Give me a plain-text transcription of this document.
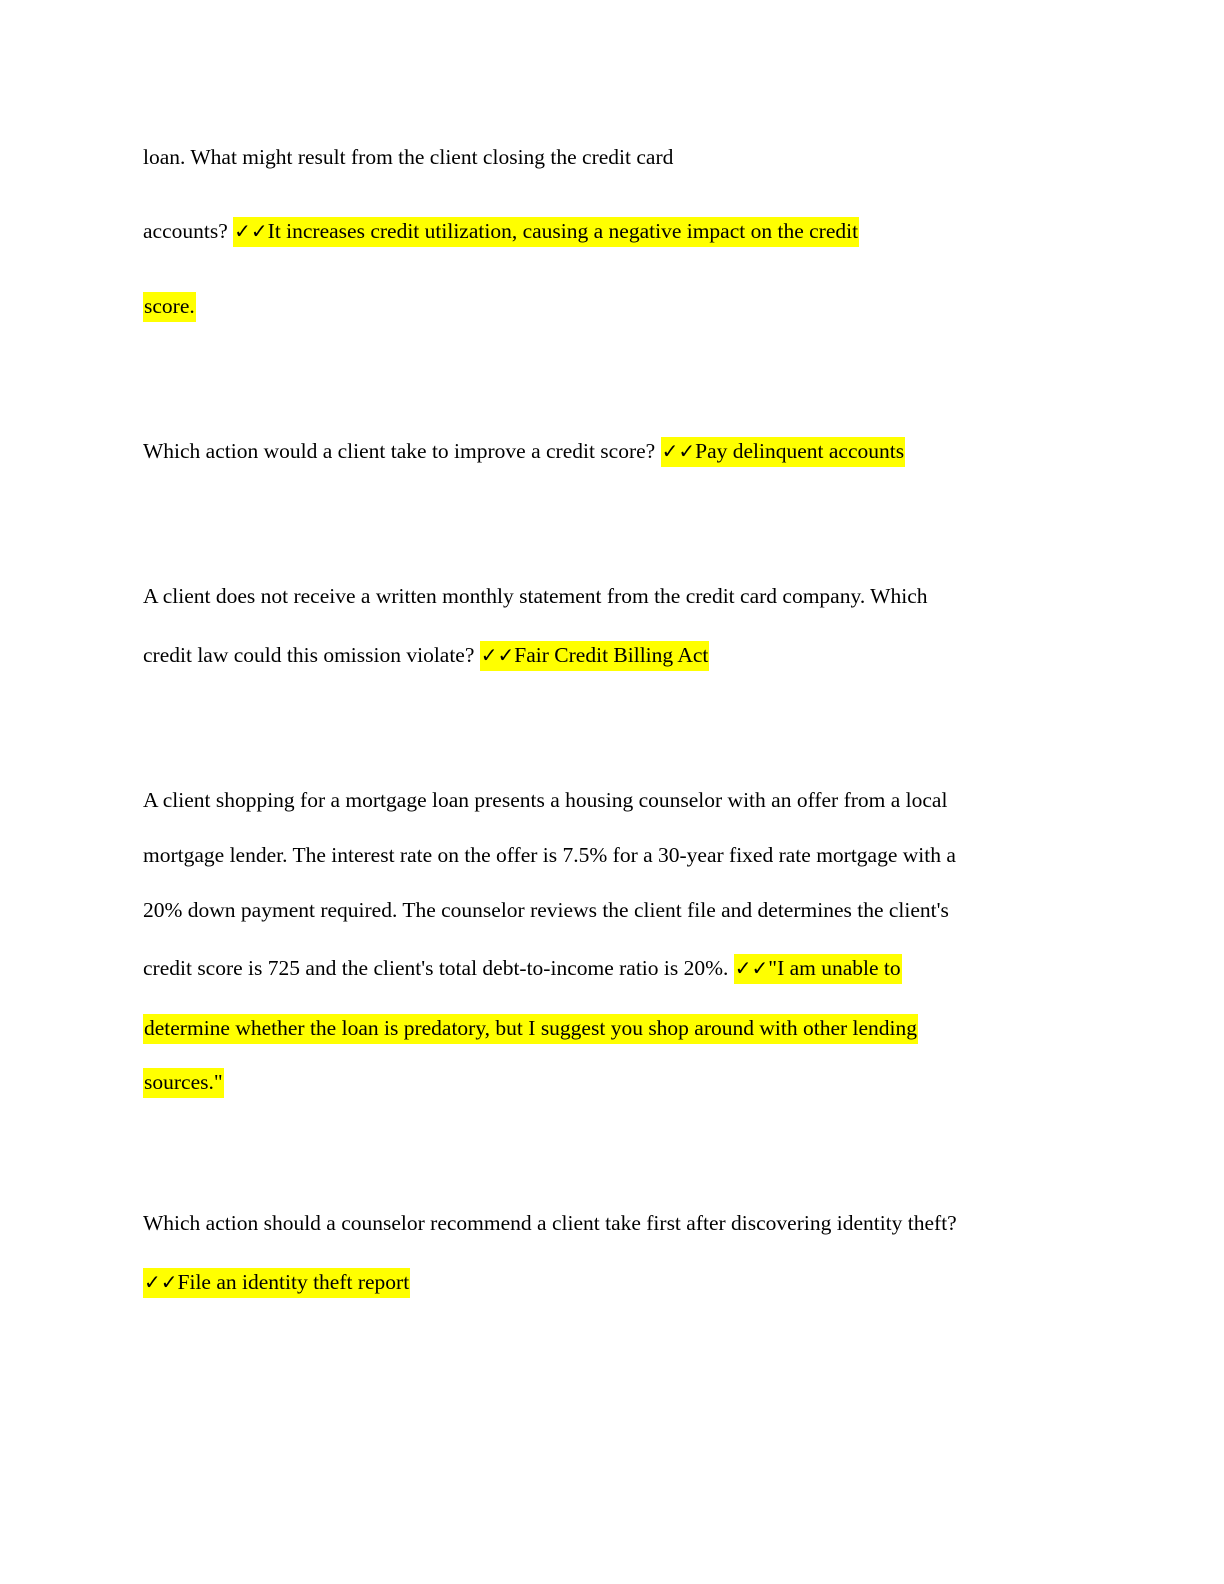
loan. What might result from the client closing the credit card
accounts? ✓✓It increases credit utilization, causing a negative impact on the credit
score.
Which action would a client take to improve a credit score? ✓✓Pay delinquent accounts
A client does not receive a written monthly statement from the credit card company. Which
credit law could this omission violate? ✓✓Fair Credit Billing Act
A client shopping for a mortgage loan presents a housing counselor with an offer from a local
mortgage lender. The interest rate on the offer is 7.5% for a 30-year fixed rate mortgage with a
20% down payment required. The counselor reviews the client file and determines the client's
credit score is 725 and the client's total debt-to-income ratio is 20%. ✓✓"I am unable to
determine whether the loan is predatory, but I suggest you shop around with other lending
sources."
Which action should a counselor recommend a client take first after discovering identity theft?
✓✓File an identity theft report
